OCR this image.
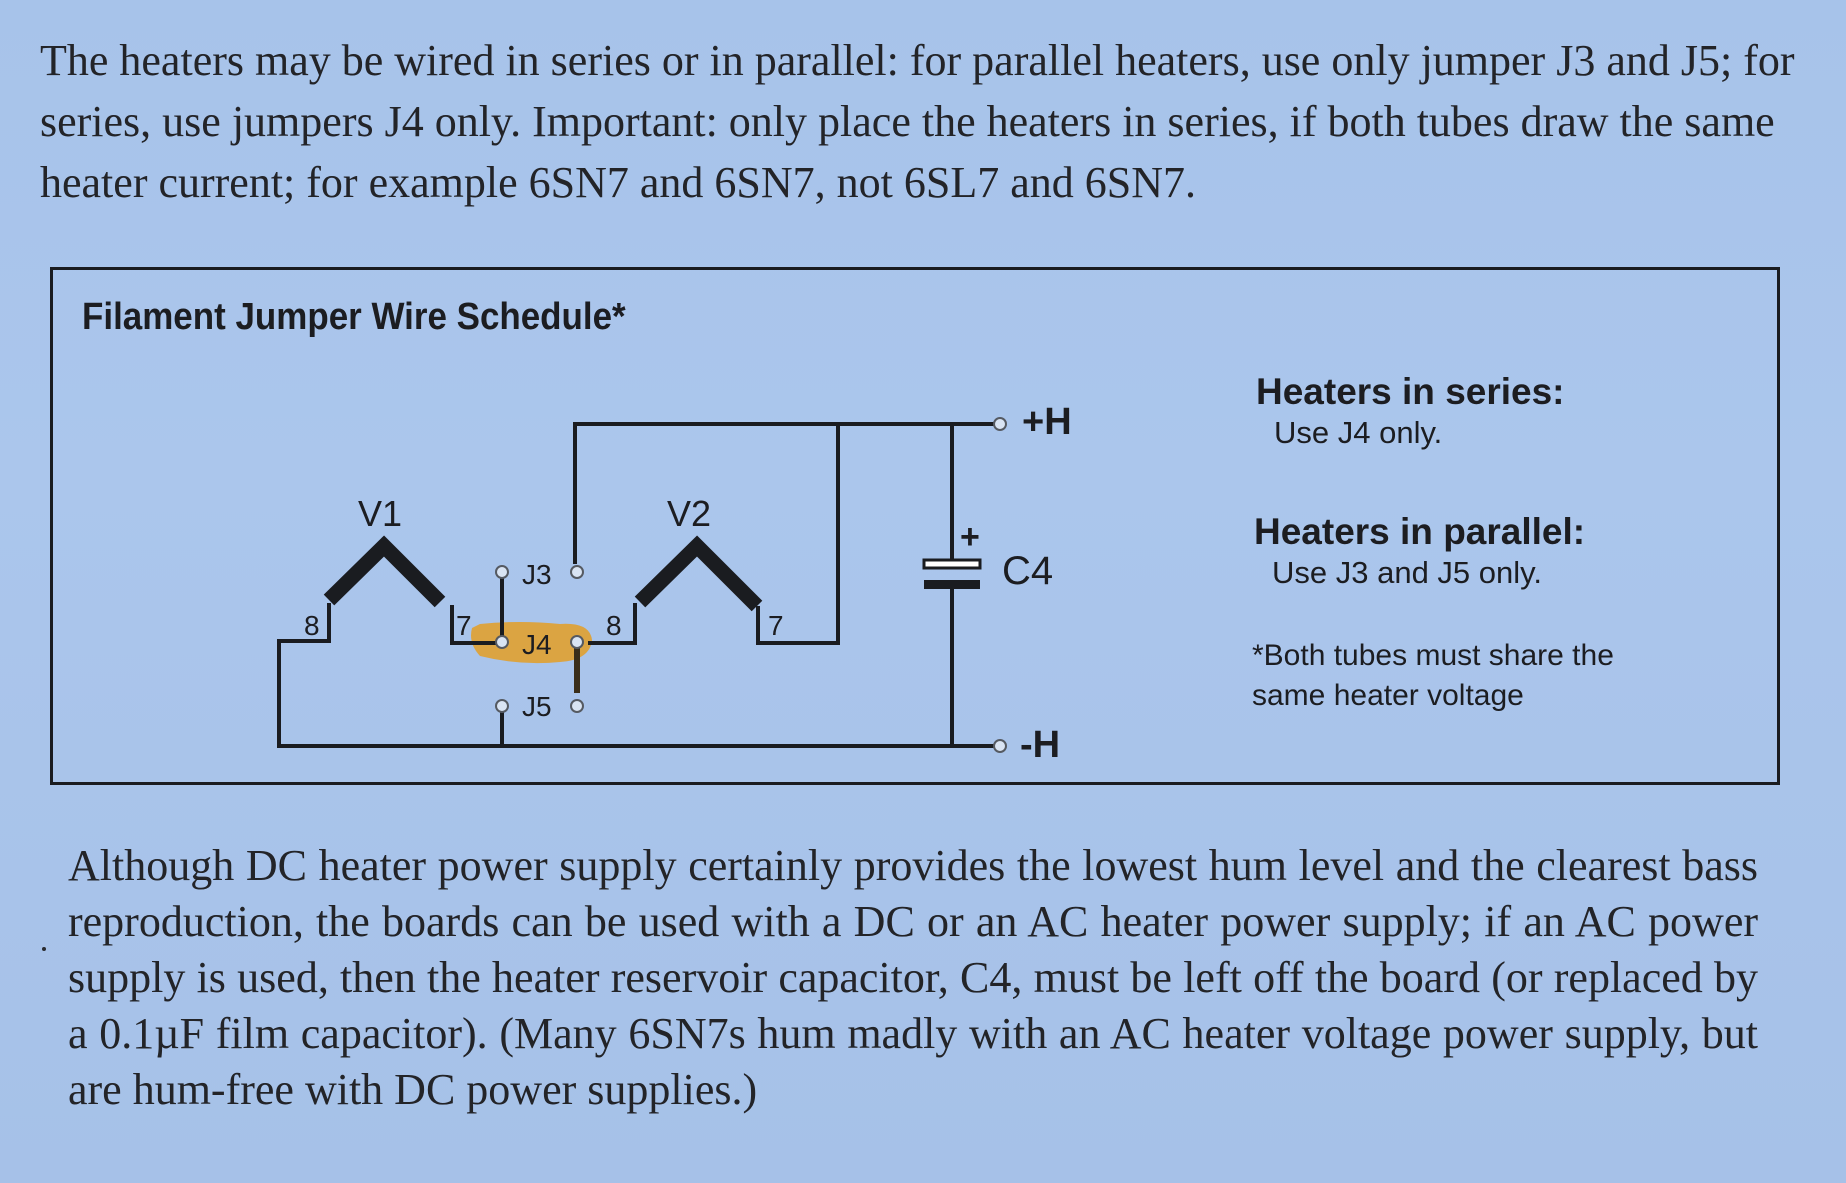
The heaters may be wired in series or in parallel: for parallel heaters, use only jumper J3 and J5; for series, use jumpers J4 only. Important: only place the heaters in series, if both tubes draw the same heater current; for example 6SN7 and 6SN7, not 6SL7 and 6SN7.

Filament Jumper Wire Schedule*
V1	V2
8	7	8	7
J3
J4
J5
+H
-H
C4
+
Heaters in series:
Use J4 only.
Heaters in parallel:
Use J3 and J5 only.
*Both tubes must share the
same heater voltage

Although DC heater power supply certainly provides the lowest hum level and the clearest bass reproduction, the boards can be used with a DC or an AC heater power supply; if an AC power supply is used, then the heater reservoir capacitor, C4, must be left off the board (or replaced by a 0.1µF film capacitor). (Many 6SN7s hum madly with an AC heater voltage power supply, but are hum-free with DC power supplies.)
